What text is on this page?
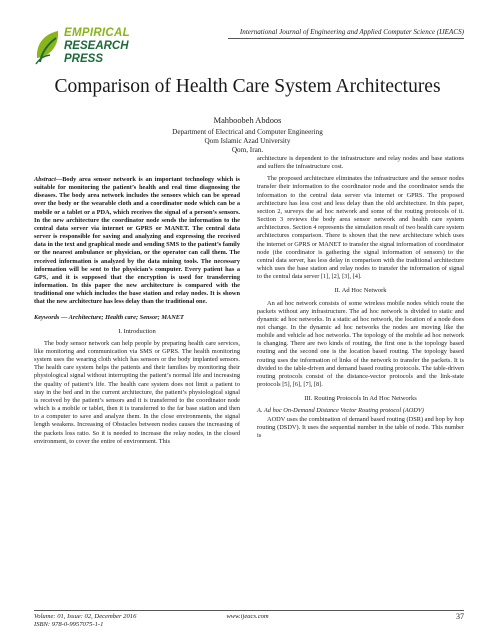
EMPIRICAL
RESEARCH
PRESS
International Journal of Engineering and Applied Computer Science (IJEACS)
Comparison of Health Care System Architectures
Mahboobeh Abdoos
Department of Electrical and Computer Engineering
Qom Islamic Azad University
Qom, Iran.

Abstract—Body area sensor network is an important technology which is suitable for monitoring the patient’s health and real time diagnosing the diseases. The body area network includes the sensors which can be spread over the body or the wearable cloth and a coordinator node which can be a mobile or a tablet or a PDA, which receives the signal of a person’s sensors. In the new architecture the coordinator node sends the information to the central data server via internet or GPRS or MANET. The central data server is responsible for saving and analyzing and expressing the received data in the text and graphical mode and sending SMS to the patient’s family or the nearest ambulance or physician, or the operator can call them. The received information is analyzed by the data mining tools. The necessary information will be sent to the physician’s computer. Every patient has a GPS, and it is supposed that the encryption is used for transferring information. In this paper the new architecture is compared with the traditional one which includes the base station and relay nodes. It is shown that the new architecture has less delay than the traditional one.

Keywords — Architecture; Health care; Sensor; MANET

I. Introduction

The body sensor network can help people by preparing health care services, like monitoring and communication via SMS or GPRS. The health monitoring system uses the wearing cloth which has sensors or the body implanted sensors. The health care system helps the patients and their families by monitoring their physiological signal without interrupting the patient’s normal life and increasing the quality of patient’s life. The health care system does not limit a patient to stay in the bed and in the current architecture, the patient’s physiological signal is received by the patient’s sensors and it is transferred to the coordinator node which is a mobile or tablet, then it is transferred to the far base station and then to a computer to save and analyze them. In the close environments, the signal length weakens. Increasing of Obstacles between nodes causes the increasing of the packets loss ratio. So it is needed to increase the relay nodes, in the closed environment, to cover the entire of environment. This

architecture is dependent to the infrastructure and relay nodes and base stations and suffers the infrastructure cost.

The proposed architecture eliminates the infrastructure and the sensor nodes transfer their information to the coordinator node and the coordinator sends the information to the central data server via internet or GPRS. The proposed architecture has less cost and less delay than the old architecture. In this paper, section 2, surveys the ad hoc network and some of the routing protocols of it. Section 3 reviews the body area sensor network and health care system architectures. Section 4 represents the simulation result of two health care system architectures comparison. There is shown that the new architecture which uses the internet or GPRS or MANET to transfer the signal information of coordinator node (the coordinator is gathering the signal information of sensors) to the central data server, has less delay in comparison with the traditional architecture which uses the base station and relay nodes to transfer the information of signal to the central data server [1], [2], [3], [4].

II. Ad Hoc Network

An ad hoc network consists of some wireless mobile nodes which route the packets without any infrastructure. The ad hoc network is divided to static and dynamic ad hoc networks. In a static ad hoc network, the location of a node does not change. In the dynamic ad hoc networks the nodes are moving like the mobile and vehicle ad hoc networks. The topology of the mobile ad hoc network is changing. There are two kinds of routing, the first one is the topology based routing and the second one is the location based routing. The topology based routing uses the information of links of the network to transfer the packets. It is divided to the table-driven and demand based routing protocols. The table-driven routing protocols consist of the distance-vector protocols and the link-state protocols [5], [6], [7], [8].

III. Routing Protocols In Ad Hoc Networks

A. Ad hoc On-Demand Distance Vector Routing protocol (AODV)

AODV uses the combination of demand based routing (DSR) and hop by hop routing (DSDV). It uses the sequential number in the table of node. This number is

Volume: 01, Issue: 02, December 2016
ISBN: 978-0-9957075-1-1
www.ijeacs.com	37
